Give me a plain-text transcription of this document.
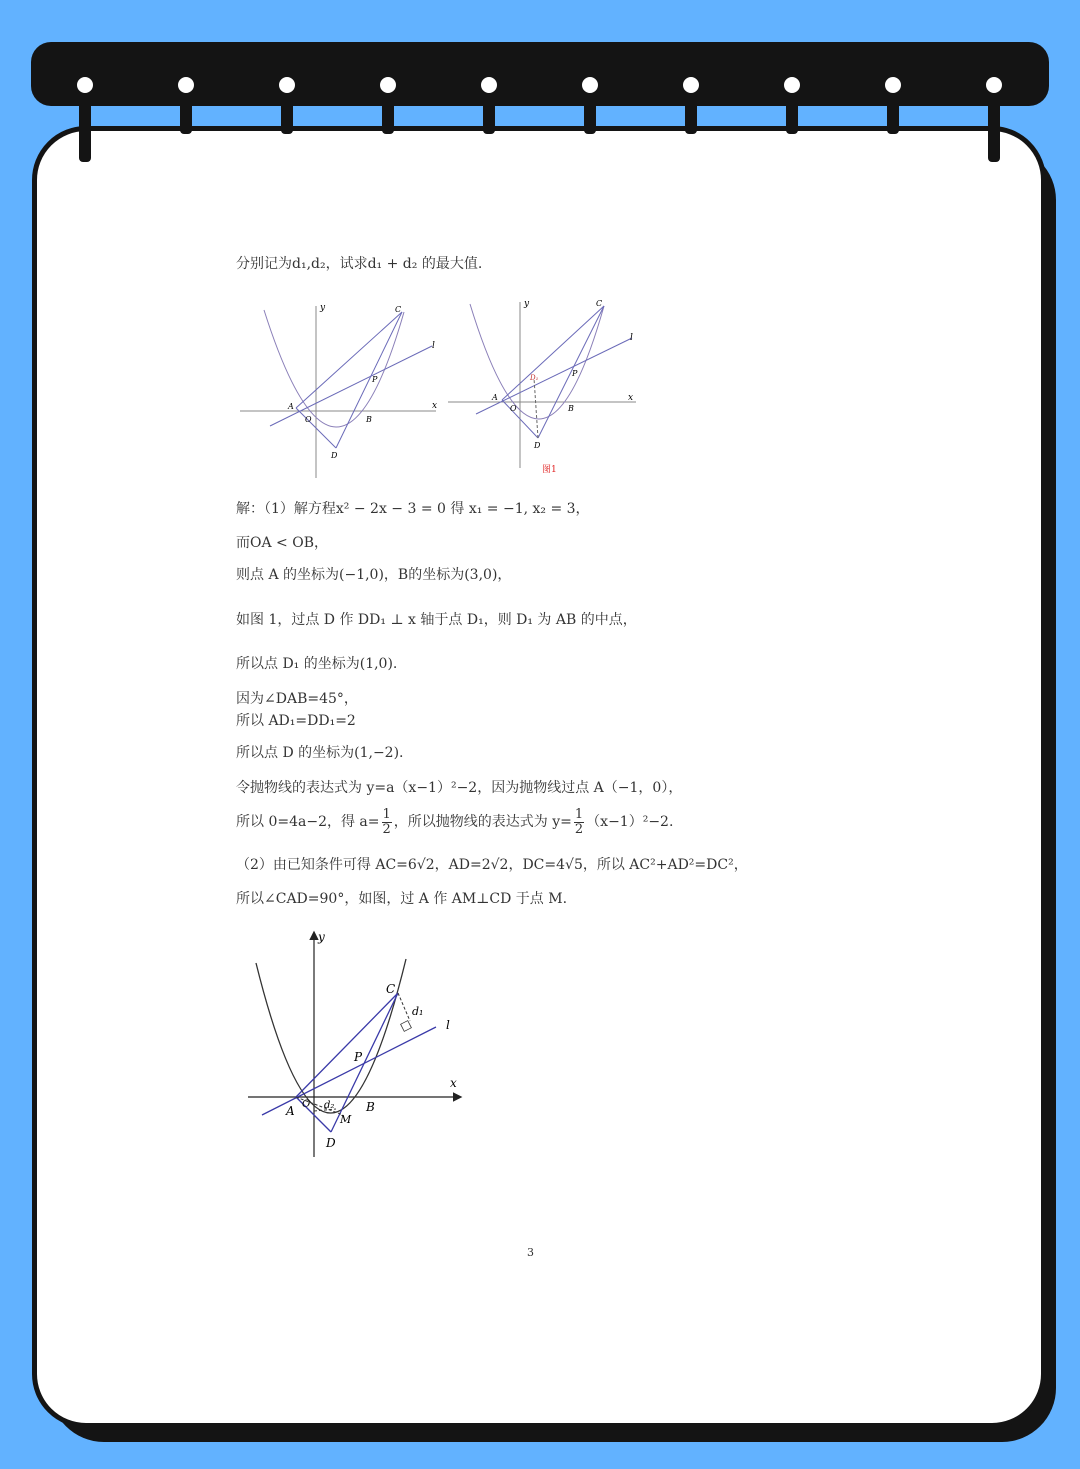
分别记为d₁,d₂，试求d₁ + d₂ 的最大值.
y
x
l
A
O	B
C
D
P
y
x
l
A
O	B
C
D
P
D₁
图1
解：（1）解方程x² − 2x − 3 = 0 得 x₁ = −1, x₂ = 3，
而OA < OB，
则点 A 的坐标为(−1,0)，B的坐标为(3,0)，
如图 1，过点 D 作 DD₁ ⊥ x 轴于点 D₁，则 D₁ 为 AB 的中点，
所以点 D₁ 的坐标为(1,0).
因为∠DAB=45°，
所以 AD₁=DD₁=2
所以点 D 的坐标为(1,−2).
令抛物线的表达式为 y=a（x−1）²−2，因为抛物线过点 A（−1，0），
所以 0=4a−2，得 $a= \frac{1}{2}$ ，所以抛物线的表达式为 $y= \frac{1}{2} (x-1)^2-2$.
（2）由已知条件可得 AC=6√2，AD=2√2，DC=4√5，所以 AC²+AD²=DC²，
所以∠CAD=90°，如图，过 A 作 AM⊥CD 于点 M.
y
x
l
C
d₁
P
A O d₂
M
B
D
3
